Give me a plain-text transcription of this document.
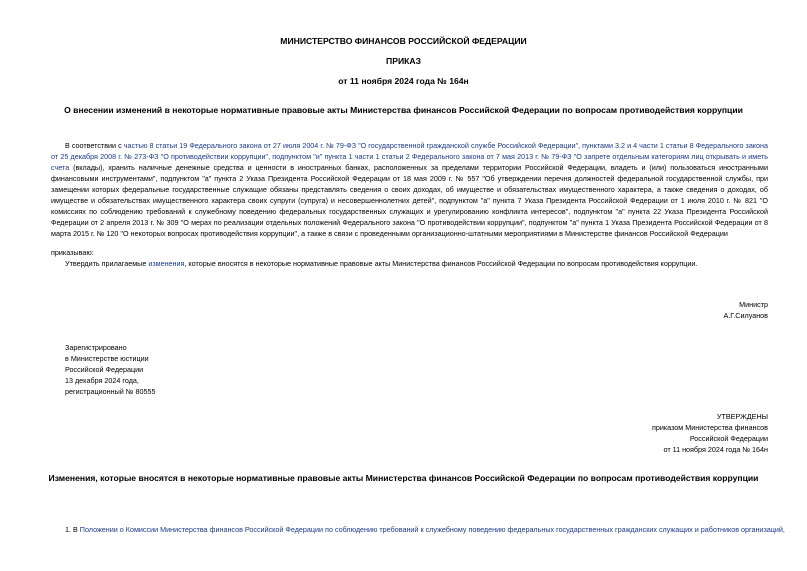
МИНИСТЕРСТВО ФИНАНСОВ РОССИЙСКОЙ ФЕДЕРАЦИИ
ПРИКАЗ
от 11 ноября 2024 года № 164н
О внесении изменений в некоторые нормативные правовые акты Министерства финансов Российской Федерации по вопросам противодействия коррупции
В соответствии с частью 8 статьи 19 Федерального закона от 27 июля 2004 г. № 79-ФЗ "О государственной гражданской службе Российской Федерации", пунктами 3.2 и 4 части 1 статьи 8 Федерального закона от 25 декабря 2008 г. № 273-ФЗ "О противодействии коррупции", подпунктом "и" пункта 1 части 1 статьи 2 Федерального закона от 7 мая 2013 г. № 79-ФЗ "О запрете отдельным категориям лиц открывать и иметь счета (вклады), хранить наличные денежные средства и ценности в иностранных банках, расположенных за пределами территории Российской Федерации, владеть и (или) пользоваться иностранными финансовыми инструментами", подпунктом "а" пункта 2 Указа Президента Российской Федерации от 18 мая 2009 г. № 557 "Об утверждении перечня должностей федеральной государственной службы, при замещении которых федеральные государственные служащие обязаны представлять сведения о своих доходах, об имуществе и обязательствах имущественного характера, а также сведения о доходах, об имуществе и обязательствах имущественного характера своих супруги (супруга) и несовершеннолетних детей", подпунктом "а" пункта 7 Указа Президента Российской Федерации от 1 июля 2010 г. № 821 "О комиссиях по соблюдению требований к служебному поведению федеральных государственных служащих и урегулированию конфликта интересов", подпунктом "а" пункта 22 Указа Президента Российской Федерации от 2 апреля 2013 г. № 309 "О мерах по реализации отдельных положений Федерального закона "О противодействии коррупции", подпунктом "а" пункта 1 Указа Президента Российской Федерации от 8 марта 2015 г. № 120 "О некоторых вопросах противодействия коррупции", а также в связи с проведенными организационно-штатными мероприятиями в Министерстве финансов Российской Федерации
приказываю:
Утвердить прилагаемые изменения, которые вносятся в некоторые нормативные правовые акты Министерства финансов Российской Федерации по вопросам противодействия коррупции.
Министр
А.Г.Силуанов
Зарегистрировано
в Министерстве юстиции
Российской Федерации
13 декабря 2024 года,
регистрационный № 80555
УТВЕРЖДЕНЫ
приказом Министерства финансов
Российской Федерации
от 11 ноября 2024 года № 164н
Изменения, которые вносятся в некоторые нормативные правовые акты Министерства финансов Российской Федерации по вопросам противодействия коррупции
1. В Положении о Комиссии Министерства финансов Российской Федерации по соблюдению требований к служебному поведению федеральных государственных гражданских служащих и работников организаций,
